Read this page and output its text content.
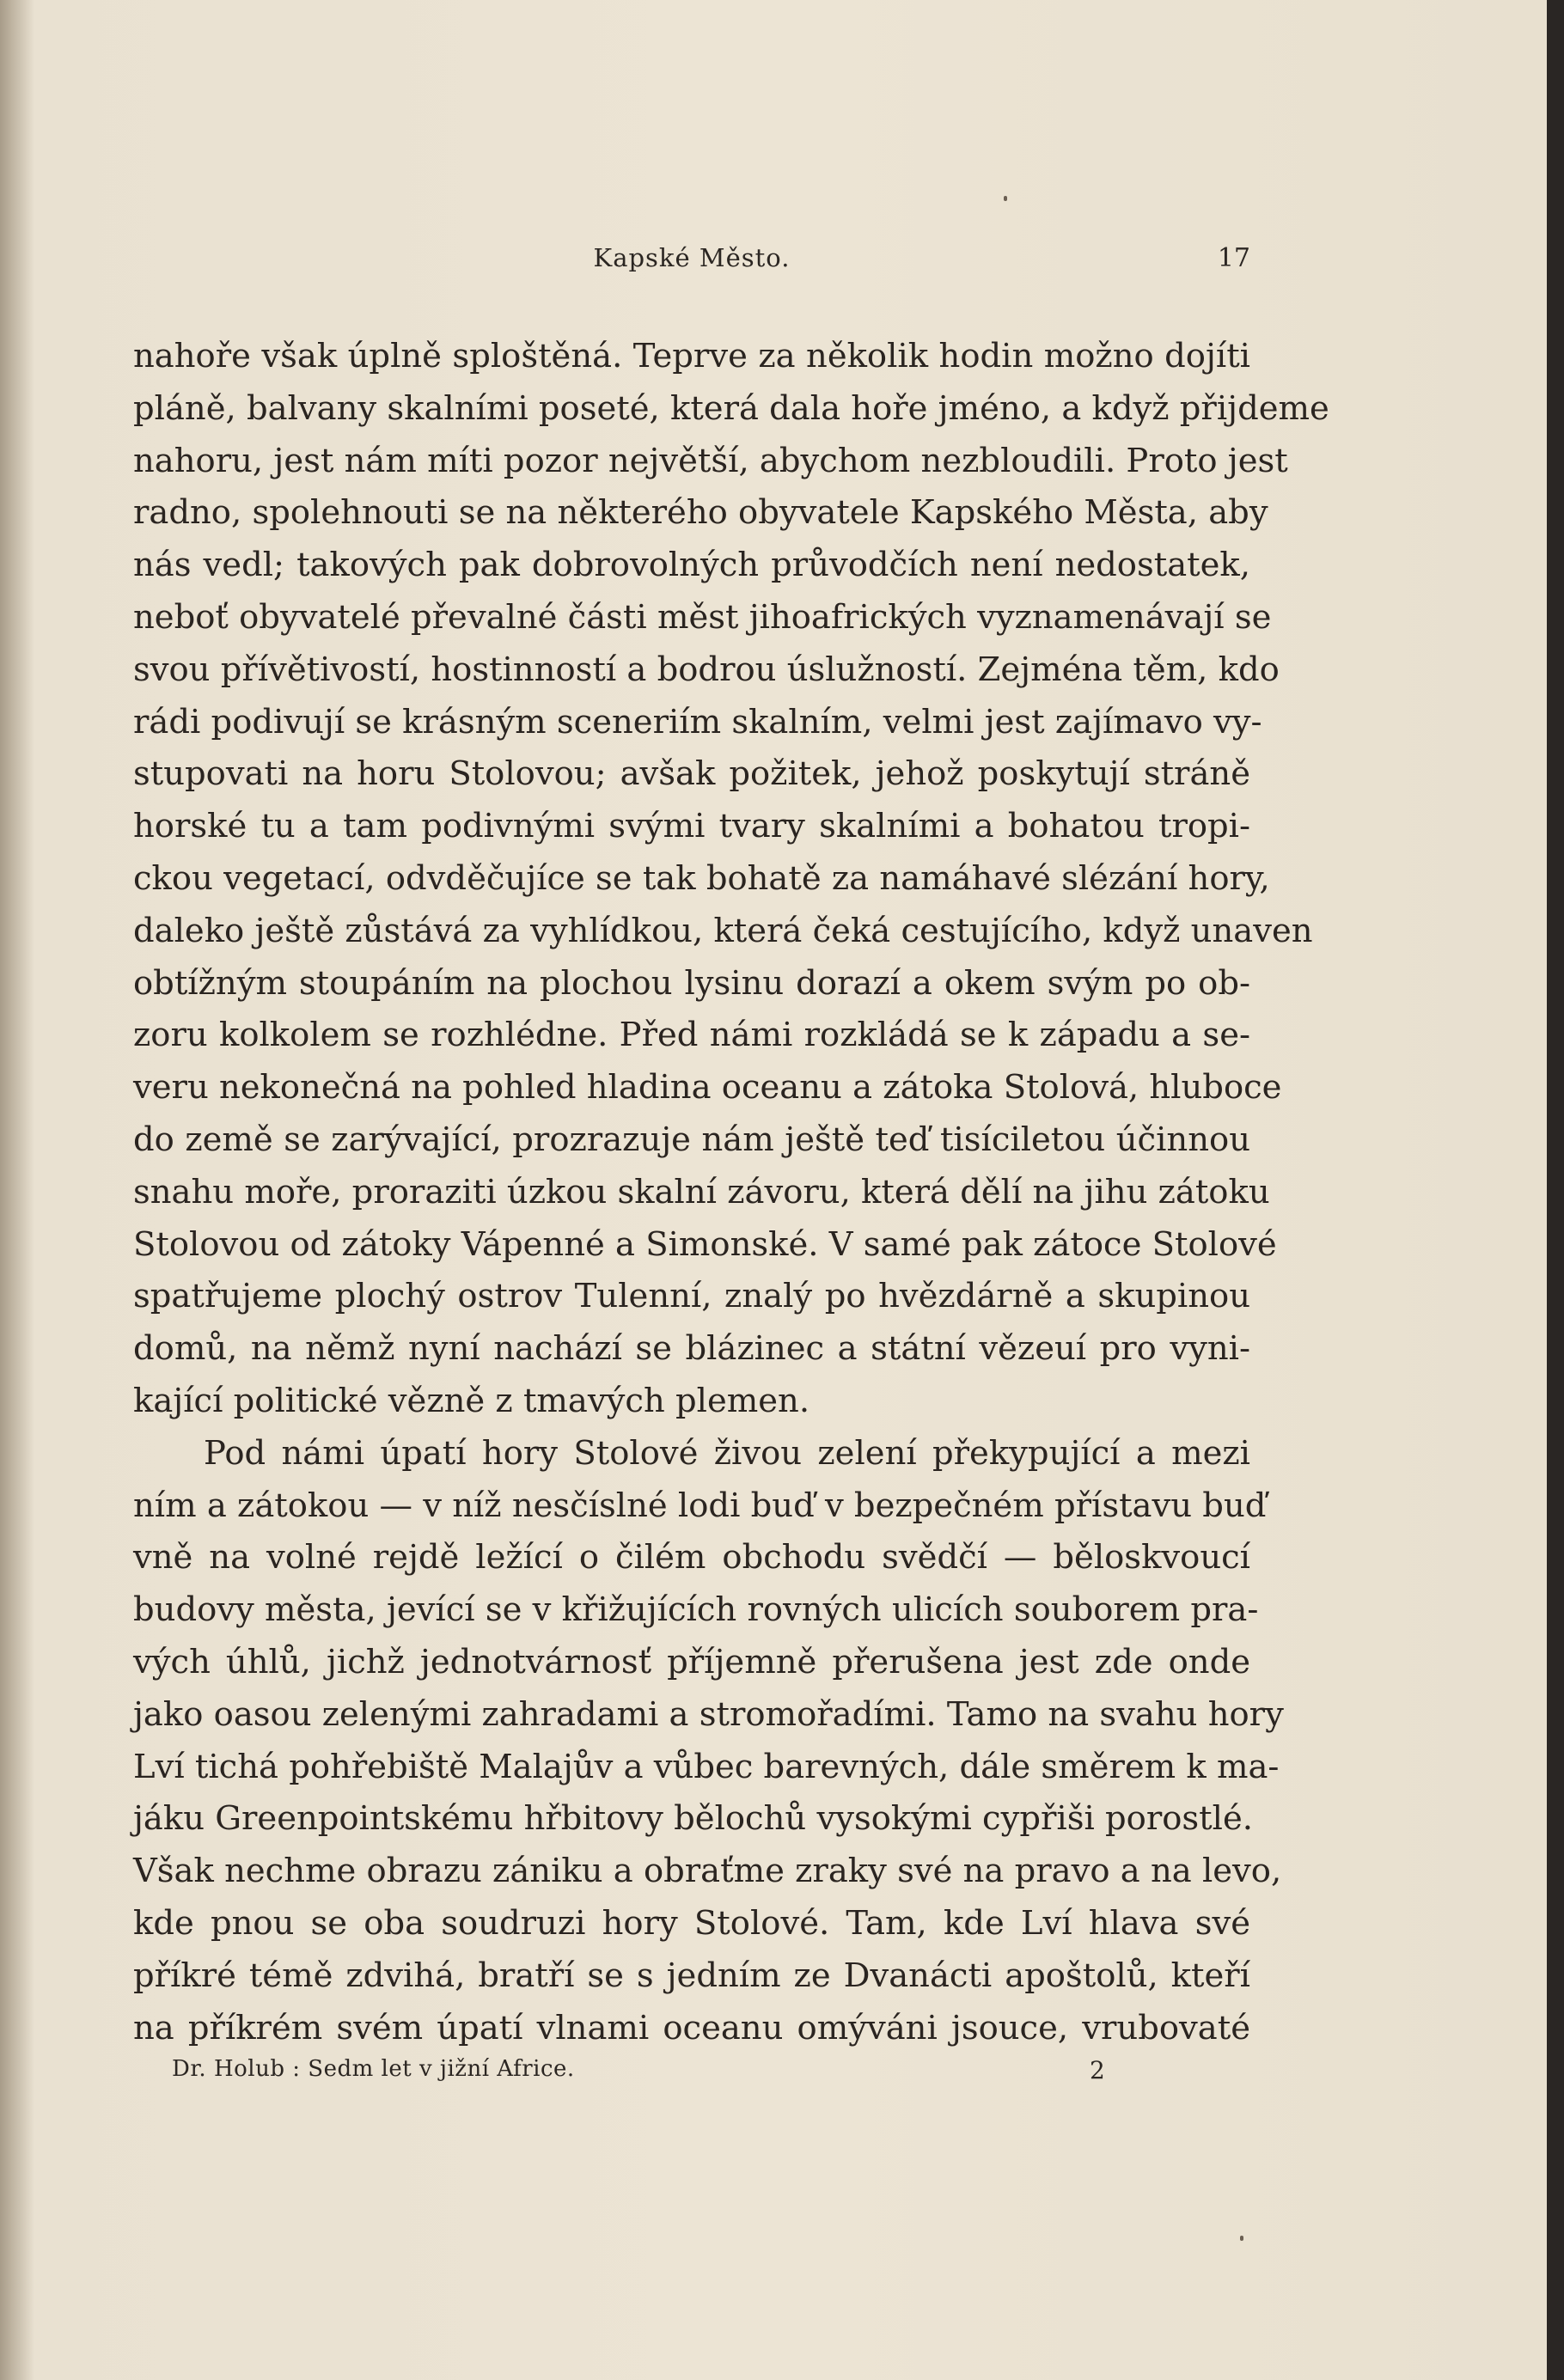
Kapské Město.	17
nahoře však úplně sploštěná. Teprve za několik hodin možno dojíti
pláně, balvany skalními poseté, která dala hoře jméno, a když přijdeme
nahoru, jest nám míti pozor největší, abychom nezbloudili. Proto jest
radno, spolehnouti se na některého obyvatele Kapského Města, aby
nás vedl; takových pak dobrovolných průvodčích není nedostatek,
neboť obyvatelé převalné části měst jihoafrických vyznamenávají se
svou přívětivostí, hostinností a bodrou úslužností. Zejména těm, kdo
rádi podivují se krásným sceneriím skalním, velmi jest zajímavo vy-
stupovati na horu Stolovou; avšak požitek, jehož poskytují stráně
horské tu a tam podivnými svými tvary skalními a bohatou tropi-
ckou vegetací, odvděčujíce se tak bohatě za namáhavé slézání hory,
daleko ještě zůstává za vyhlídkou, která čeká cestujícího, když unaven
obtížným stoupáním na plochou lysinu dorazí a okem svým po ob-
zoru kolkolem se rozhlédne. Před námi rozkládá se k západu a se-
veru nekonečná na pohled hladina oceanu a zátoka Stolová, hluboce
do země se zarývající, prozrazuje nám ještě teď tisíciletou účinnou
snahu moře, proraziti úzkou skalní závoru, která dělí na jihu zátoku
Stolovou od zátoky Vápenné a Simonské. V samé pak zátoce Stolové
spatřujeme plochý ostrov Tulenní, znalý po hvězdárně a skupinou
domů, na němž nyní nachází se blázinec a státní vězeuí pro vyni-
kající politické vězně z tmavých plemen.
Pod námi úpatí hory Stolové živou zelení překypující a mezi
ním a zátokou — v níž nesčíslné lodi buď v bezpečném přístavu buď
vně na volné rejdě ležící o čilém obchodu svědčí — běloskvoucí
budovy města, jevící se v křižujících rovných ulicích souborem pra-
vých úhlů, jichž jednotvárnosť příjemně přerušena jest zde onde
jako oasou zelenými zahradami a stromořadími. Tamo na svahu hory
Lví tichá pohřebiště Malajův a vůbec barevných, dále směrem k ma-
jáku Greenpointskému hřbitovy bělochů vysokými cypřiši porostlé.
Však nechme obrazu zániku a obraťme zraky své na pravo a na levo,
kde pnou se oba soudruzi hory Stolové. Tam, kde Lví hlava své
příkré témě zdvihá, bratří se s jedním ze Dvanácti apoštolů, kteří
na příkrém svém úpatí vlnami oceanu omýváni jsouce, vrubovaté
Dr. Holub : Sedm let v jižní Africe.	2
